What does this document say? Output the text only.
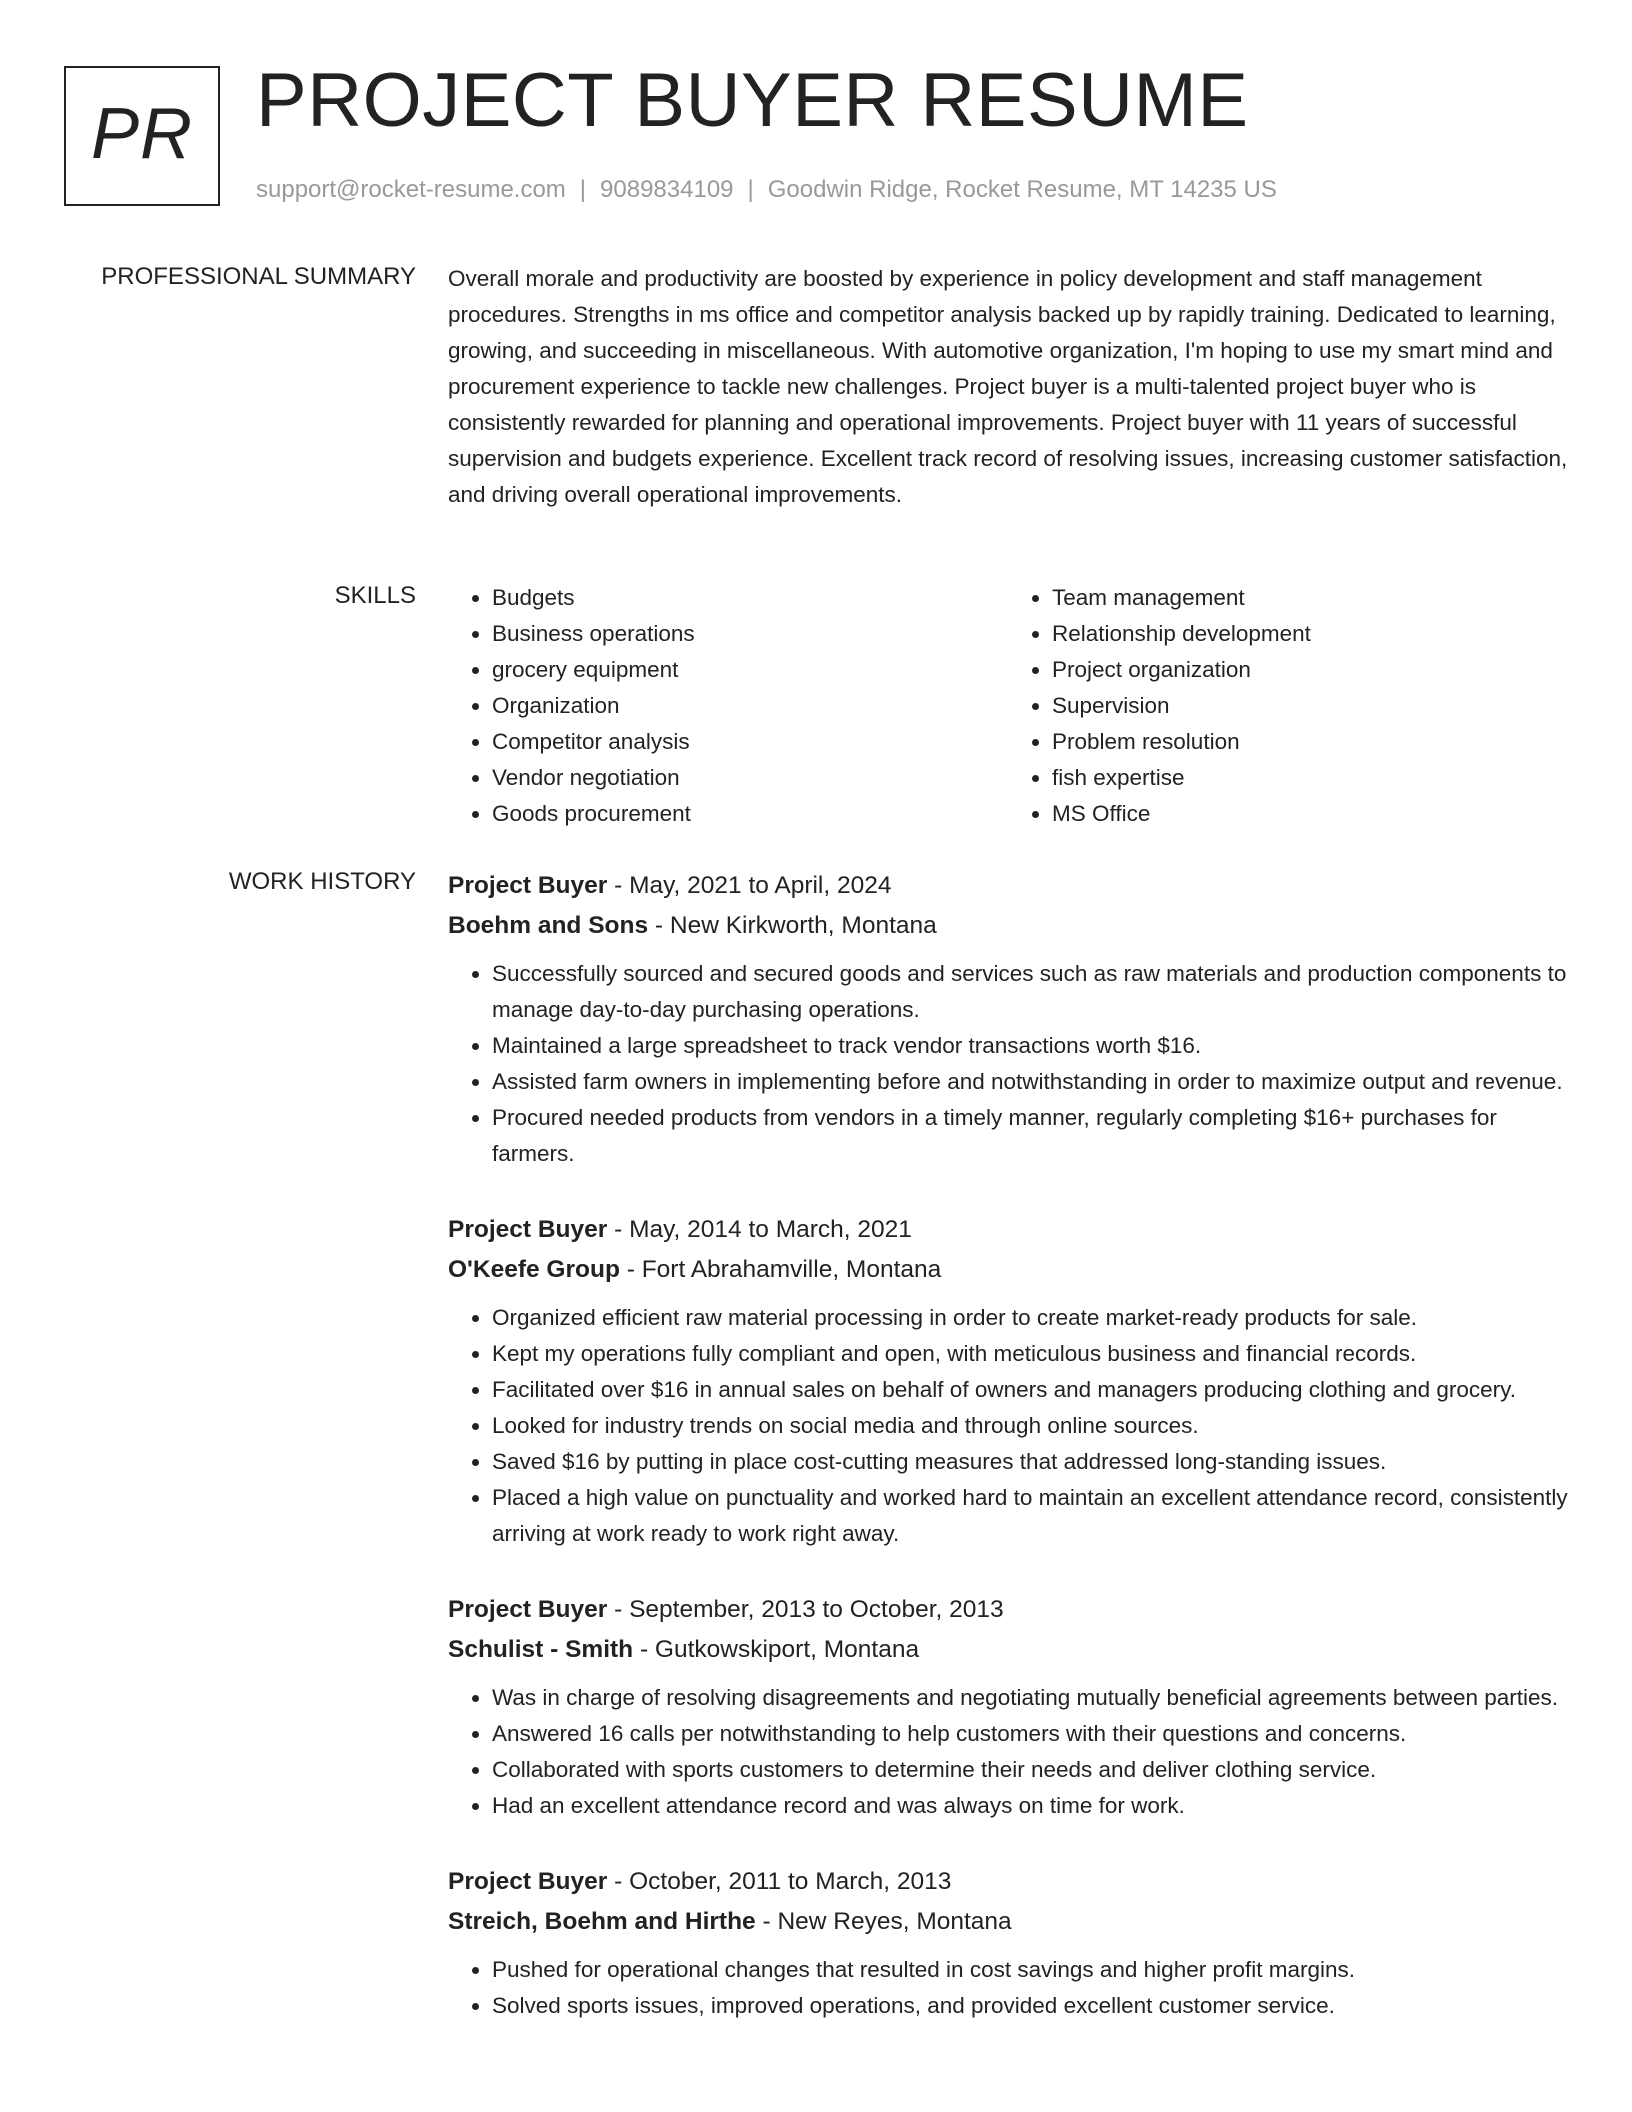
PR PROJECT BUYER RESUME
support@rocket-resume.com | 9089834109 | Goodwin Ridge, Rocket Resume, MT 14235 US
PROFESSIONAL SUMMARY Overall morale and productivity are boosted by experience in policy development and staff management procedures. Strengths in ms office and competitor analysis backed up by rapidly training. Dedicated to learning, growing, and succeeding in miscellaneous. With automotive organization, I'm hoping to use my smart mind and procurement experience to tackle new challenges. Project buyer is a multi-talented project buyer who is consistently rewarded for planning and operational improvements. Project buyer with 11 years of successful supervision and budgets experience. Excellent track record of resolving issues, increasing customer satisfaction, and driving overall operational improvements.

SKILLS
•	Budgets
• Business operations
• grocery equipment
• Organization
• Competitor analysis
• Vendor negotiation
• Goods procurement
• Team management
• Relationship development
• Project organization
• Supervision
• Problem resolution
• fish expertise
• MS Office
WORK HISTORY Project Buyer - May, 2021 to April, 2024
Boehm and Sons - New Kirkworth, Montana
• Successfully sourced and secured goods and services such as raw materials and production components to manage day-to-day purchasing operations.
• Maintained a large spreadsheet to track vendor transactions worth $16.
• Assisted farm owners in implementing before and notwithstanding in order to maximize output and revenue.
• Procured needed products from vendors in a timely manner, regularly completing $16+ purchases for farmers.
Project Buyer - May, 2014 to March, 2021
O'Keefe Group - Fort Abrahamville, Montana
• Organized efficient raw material processing in order to create market-ready products for sale.
• Kept my operations fully compliant and open, with meticulous business and financial records.
• Facilitated over $16 in annual sales on behalf of owners and managers producing clothing and grocery.
• Looked for industry trends on social media and through online sources.
• Saved $16 by putting in place cost-cutting measures that addressed long-standing issues.
• Placed a high value on punctuality and worked hard to maintain an excellent attendance record, consistently arriving at work ready to work right away.
Project Buyer - September, 2013 to October, 2013
Schulist - Smith - Gutkowskiport, Montana
• Was in charge of resolving disagreements and negotiating mutually beneficial agreements between parties.
• Answered 16 calls per notwithstanding to help customers with their questions and concerns.
• Collaborated with sports customers to determine their needs and deliver clothing service.
• Had an excellent attendance record and was always on time for work.
Project Buyer - October, 2011 to March, 2013
Streich, Boehm and Hirthe - New Reyes, Montana
• Pushed for operational changes that resulted in cost savings and higher profit margins.
• Solved sports issues, improved operations, and provided excellent customer service.
